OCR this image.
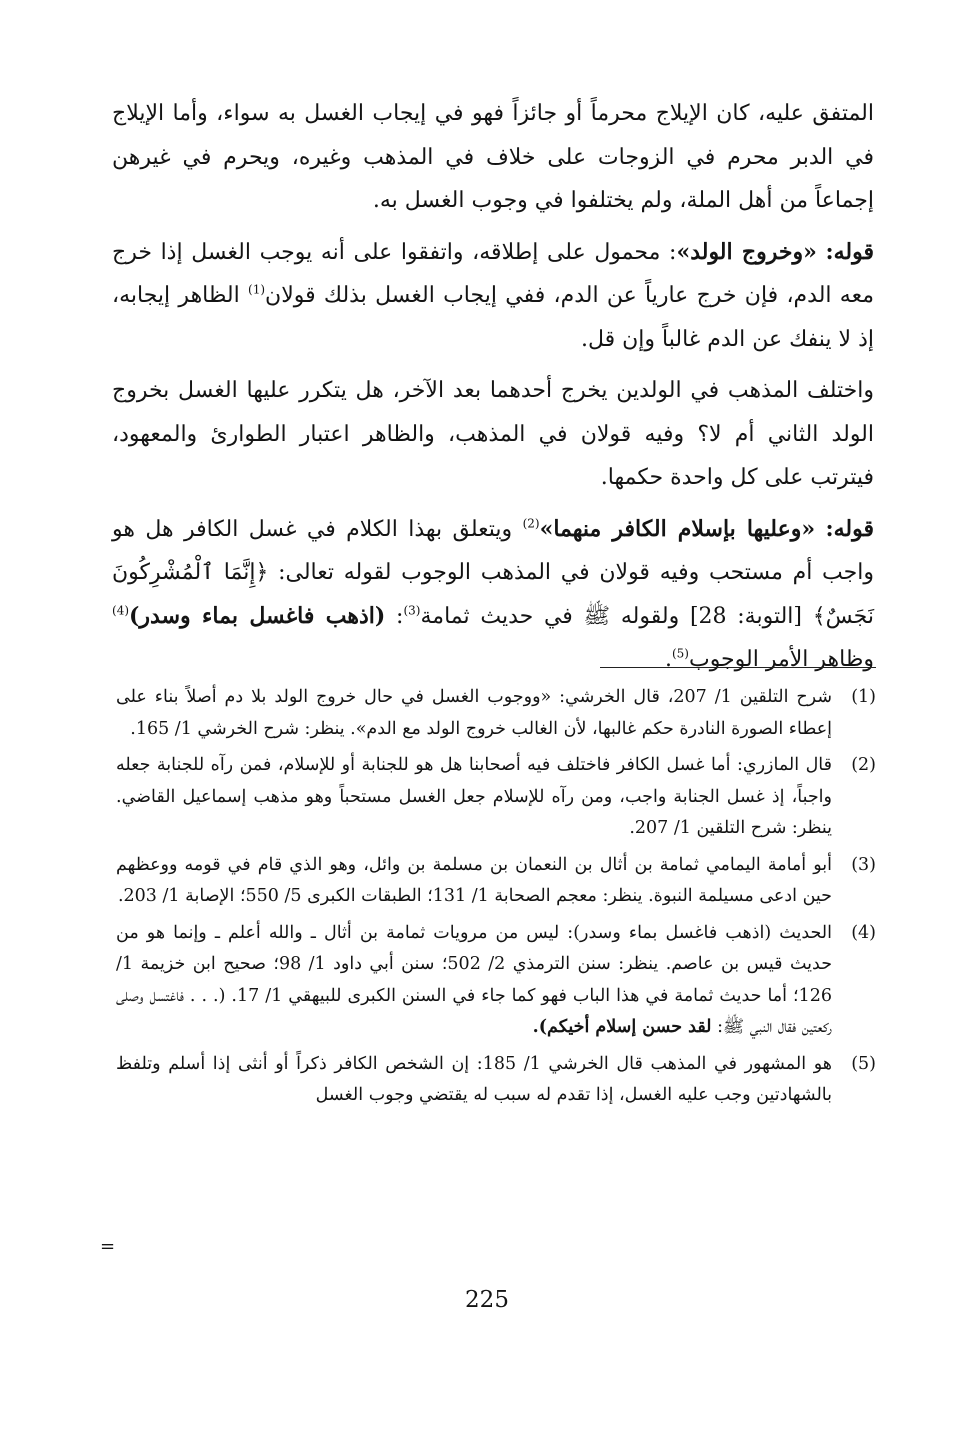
المتفق عليه، كان الإيلاج محرماً أو جائزاً فهو في إيجاب الغسل به سواء، وأما الإيلاج في الدبر محرم في الزوجات على خلاف في المذهب وغيره، ويحرم في غيرهن إجماعاً من أهل الملة، ولم يختلفوا في وجوب الغسل به.

قوله: «وخروج الولد»: محمول على إطلاقه، واتفقوا على أنه يوجب الغسل إذا خرج معه الدم، فإن خرج عارياً عن الدم، ففي إيجاب الغسل بذلك قولان$^{(1)}$ الظاهر إيجابه، إذ لا ينفك عن الدم غالباً وإن قل.

واختلف المذهب في الولدين يخرج أحدهما بعد الآخر، هل يتكرر عليها الغسل بخروج الولد الثاني أم لا؟ وفيه قولان في المذهب، والظاهر اعتبار الطوارئ والمعهود، فيترتب على كل واحدة حكمها.

قوله: «وعليها بإسلام الكافر منهما»$^{(2)}$ ويتعلق بهذا الكلام في غسل الكافر هل هو واجب أم مستحب وفيه قولان في المذهب الوجوب لقوله تعالى: ﴿إِنَّمَا ٱلْمُشْرِكُونَ نَجَسٌ﴾ [التوبة: 28] ولقوله ﷺ في حديث ثمامة$^{(3)}$: (اذهب فاغسل بماء وسدر)$^{(4)}$ وظاهر الأمر الوجوب$^{(5)}$.

(1)

شرح التلقين 1/ 207، قال الخرشي: «ووجوب الغسل في حال خروج الولد بلا دم أصلاً بناء على إعطاء الصورة النادرة حكم غالبها، لأن الغالب خروج الولد مع الدم». ينظر: شرح الخرشي 1/ 165.

(2)

قال المازري: أما غسل الكافر فاختلف فيه أصحابنا هل هو للجنابة أو للإسلام، فمن رآه للجنابة جعله واجباً، إذ غسل الجنابة واجب، ومن رآه للإسلام جعل الغسل مستحباً وهو مذهب إسماعيل القاضي. ينظر: شرح التلقين 1/ 207.

(3)

أبو أمامة اليمامي ثمامة بن أثال بن النعمان بن مسلمة بن وائل، وهو الذي قام في قومه ووعظهم حين ادعى مسيلمة النبوة. ينظر: معجم الصحابة 1/ 131؛ الطبقات الكبرى 5/ 550؛ الإصابة 1/ 203.

(4)

الحديث (اذهب فاغسل بماء وسدر): ليس من مرويات ثمامة بن أثال ـ والله أعلم ـ وإنما هو من حديث قيس بن عاصم. ينظر: سنن الترمذي 2/ 502؛ سنن أبي داود 1/ 98؛ صحيح ابن خزيمة 1/ 126؛ أما حديث ثمامة في هذا الباب فهو كما جاء في السنن الكبرى للبيهقي 1/ 17. (. . . فاغتسل وصلى ركعتين فقال النبي ﷺ: لقد حسن إسلام أخيكم).

(5)

هو المشهور في المذهب قال الخرشي 1/ 185: إن الشخص الكافر ذكراً أو أنثى إذا أسلم وتلفظ بالشهادتين وجب عليه الغسل، إذا تقدم له سبب له يقتضي وجوب الغسل

=
225
